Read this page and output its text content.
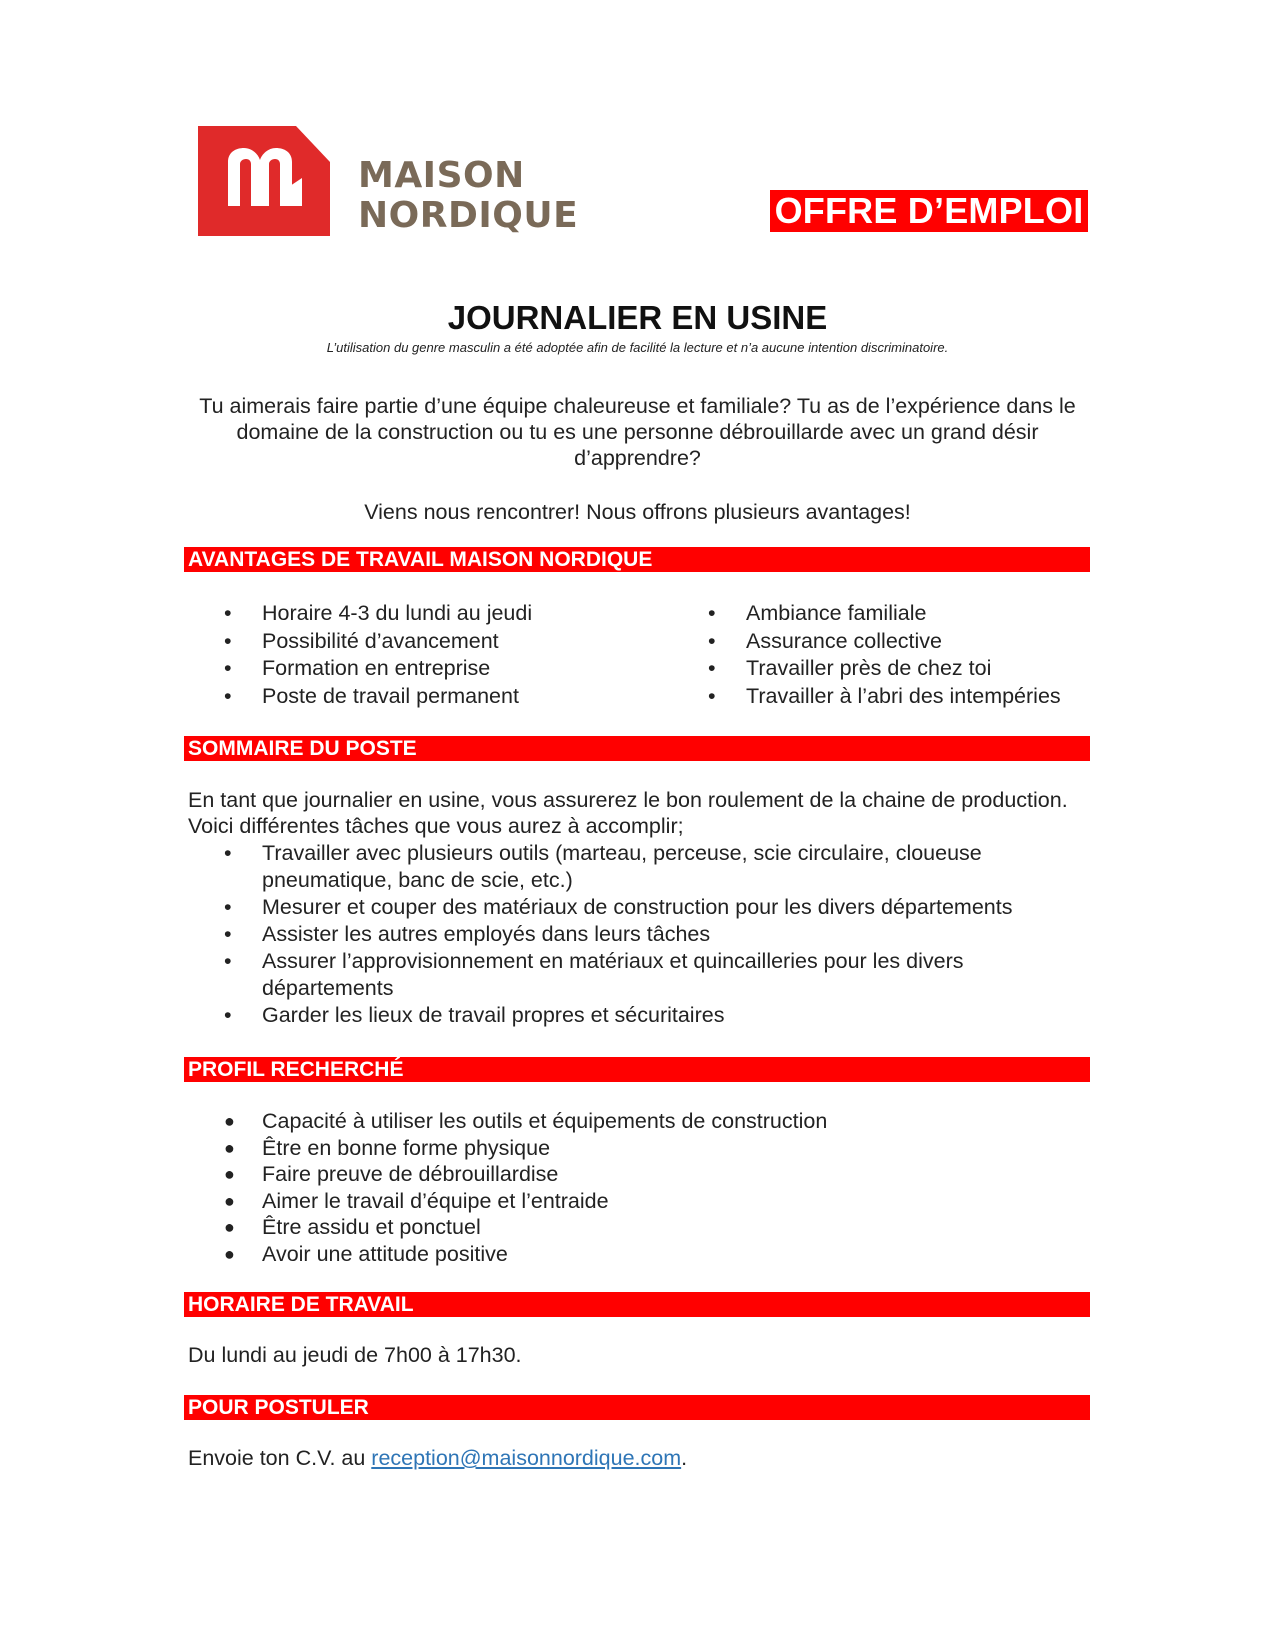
MAISON
NORDIQUE	OFFRE D’EMPLOI
JOURNALIER EN USINE
L’utilisation du genre masculin a été adoptée afin de facilité la lecture et n’a aucune intention discriminatoire.
Tu aimerais faire partie d’une équipe chaleureuse et familiale? Tu as de l’expérience dans le domaine de la construction ou tu es une personne débrouillarde avec un grand désir d’apprendre?
Viens nous rencontrer! Nous offrons plusieurs avantages!
AVANTAGES DE TRAVAIL MAISON NORDIQUE
• Horaire 4-3 du lundi au jeudi
• Possibilité d’avancement
• Formation en entreprise
• Poste de travail permanent
• Ambiance familiale
• Assurance collective
• Travailler près de chez toi
• Travailler à l’abri des intempéries
SOMMAIRE DU POSTE
En tant que journalier en usine, vous assurerez le bon roulement de la chaine de production. Voici différentes tâches que vous aurez à accomplir;
• Travailler avec plusieurs outils (marteau, perceuse, scie circulaire, cloueuse pneumatique, banc de scie, etc.)
• Mesurer et couper des matériaux de construction pour les divers départements
• Assister les autres employés dans leurs tâches
• Assurer l’approvisionnement en matériaux et quincailleries pour les divers départements
• Garder les lieux de travail propres et sécuritaires
PROFIL RECHERCHÉ
● Capacité à utiliser les outils et équipements de construction
● Être en bonne forme physique
● Faire preuve de débrouillardise
● Aimer le travail d’équipe et l’entraide
● Être assidu et ponctuel
● Avoir une attitude positive
HORAIRE DE TRAVAIL
Du lundi au jeudi de 7h00 à 17h30.
POUR POSTULER
Envoie ton C.V. au reception@maisonnordique.com.
